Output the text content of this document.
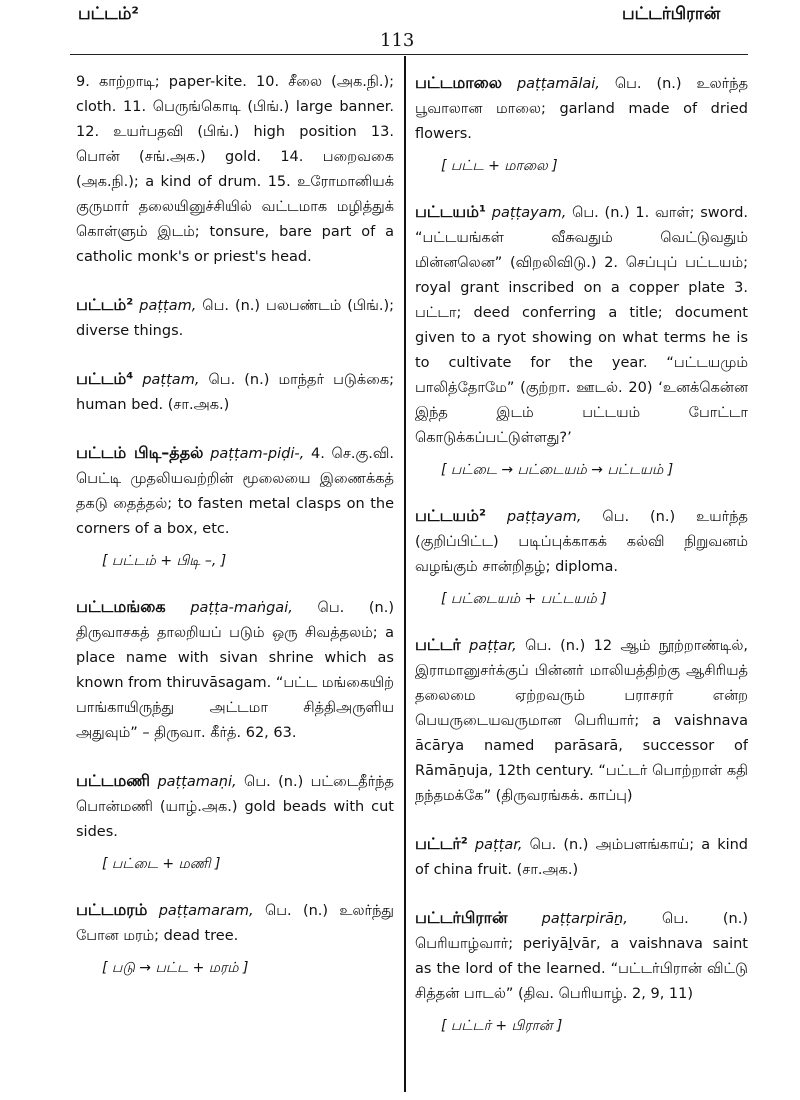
பட்டம்²
113
பட்டர்பிரான்

9. காற்றாடி; paper-kite. 10. சீலை (அக.நி.); cloth. 11. பெருங்கொடி (பிங்.) large banner. 12. உயர்பதவி (பிங்.) high position 13. பொன் (சங்.அக.) gold. 14. பறைவகை (அக.நி.); a kind of drum. 15. உரோமானியக் குருமார் தலையினுச்சியில் வட்டமாக மழித்துக் கொள்ளும் இடம்; tonsure, bare part of a catholic monk's or priest's head.

பட்டம்² paṭṭam, பெ. (n.) பலபண்டம் (பிங்.); diverse things.

பட்டம்⁴ paṭṭam, பெ. (n.) மாந்தர் படுக்கை; human bed. (சா.அக.)

பட்டம் பிடி–த்தல் paṭṭam-piḍi-, 4. செ.கு.வி. பெட்டி முதலியவற்றின் மூலையை இணைக்கத் தகடு தைத்தல்; to fasten metal clasps on the corners of a box, etc.

[ பட்டம் + பிடி –, ]

பட்டமங்கை paṭṭa-maṅgai, பெ. (n.) திருவாசகத் தாலறியப் படும் ஒரு சிவத்தலம்; a place name with sivan shrine which as known from thiruvāsagam. “பட்ட மங்கையிற் பாங்காயிருந்து அட்டமா சித்திஅருளிய அதுவும்” – திருவா. கீர்த். 62, 63.

பட்டமணி paṭṭamaṇi, பெ. (n.) பட்டைதீர்ந்த பொன்மணி (யாழ்.அக.) gold beads with cut sides.

[ பட்டை + மணி ]

பட்டமரம் paṭṭamaram, பெ. (n.) உலர்ந்து போன மரம்; dead tree.

[ படு → பட்ட + மரம் ]

பட்டமாலை paṭṭamālai, பெ. (n.) உலர்ந்த பூவாலான மாலை; garland made of dried flowers.

[ பட்ட + மாலை ]

பட்டயம்¹ paṭṭayam, பெ. (n.) 1. வாள்; sword. “பட்டயங்கள் வீசுவதும் வெட்டுவதும் மின்னலென” (விறலிவிடு.) 2. செப்புப் பட்டயம்; royal grant inscribed on a copper plate 3. பட்டா; deed conferring a title; document given to a ryot showing on what terms he is to cultivate for the year. “பட்டயமும் பாலித்தோமே” (குற்றா. ஊடல். 20) ‘உனக்கென்ன இந்த இடம் பட்டயம் போட்டா கொடுக்கப்பட்டுள்ளது?’

[ பட்டை → பட்டையம் → பட்டயம் ]

பட்டயம்² paṭṭayam, பெ. (n.) உயர்ந்த (குறிப்பிட்ட) படிப்புக்காகக் கல்வி நிறுவனம் வழங்கும் சான்றிதழ்; diploma.

[ பட்டையம் + பட்டயம் ]

பட்டர் paṭṭar, பெ. (n.) 12 ஆம் நூற்றாண்டில், இராமானுசர்க்குப் பின்னர் மாலியத்திற்கு ஆசிரியத் தலைமை ஏற்றவரும் பராசரர் என்ற பெயருடையவருமான பெரியார்; a vaishnava ācārya named parāsarā, successor of Rāmāṉuja, 12th century. “பட்டர் பொற்றாள் கதி நந்தமக்கே” (திருவரங்கக். காப்பு)

பட்டர்² paṭṭar, பெ. (n.) அம்பளங்காய்; a kind of china fruit. (சா.அக.)

பட்டர்பிரான் paṭṭarpirāṉ, பெ. (n.) பெரியாழ்வார்; periyāḻvār, a vaishnava saint as the lord of the learned. “பட்டர்பிரான் விட்டு சித்தன் பாடல்” (திவ. பெரியாழ். 2, 9, 11)

[ பட்டர் + பிரான் ]
